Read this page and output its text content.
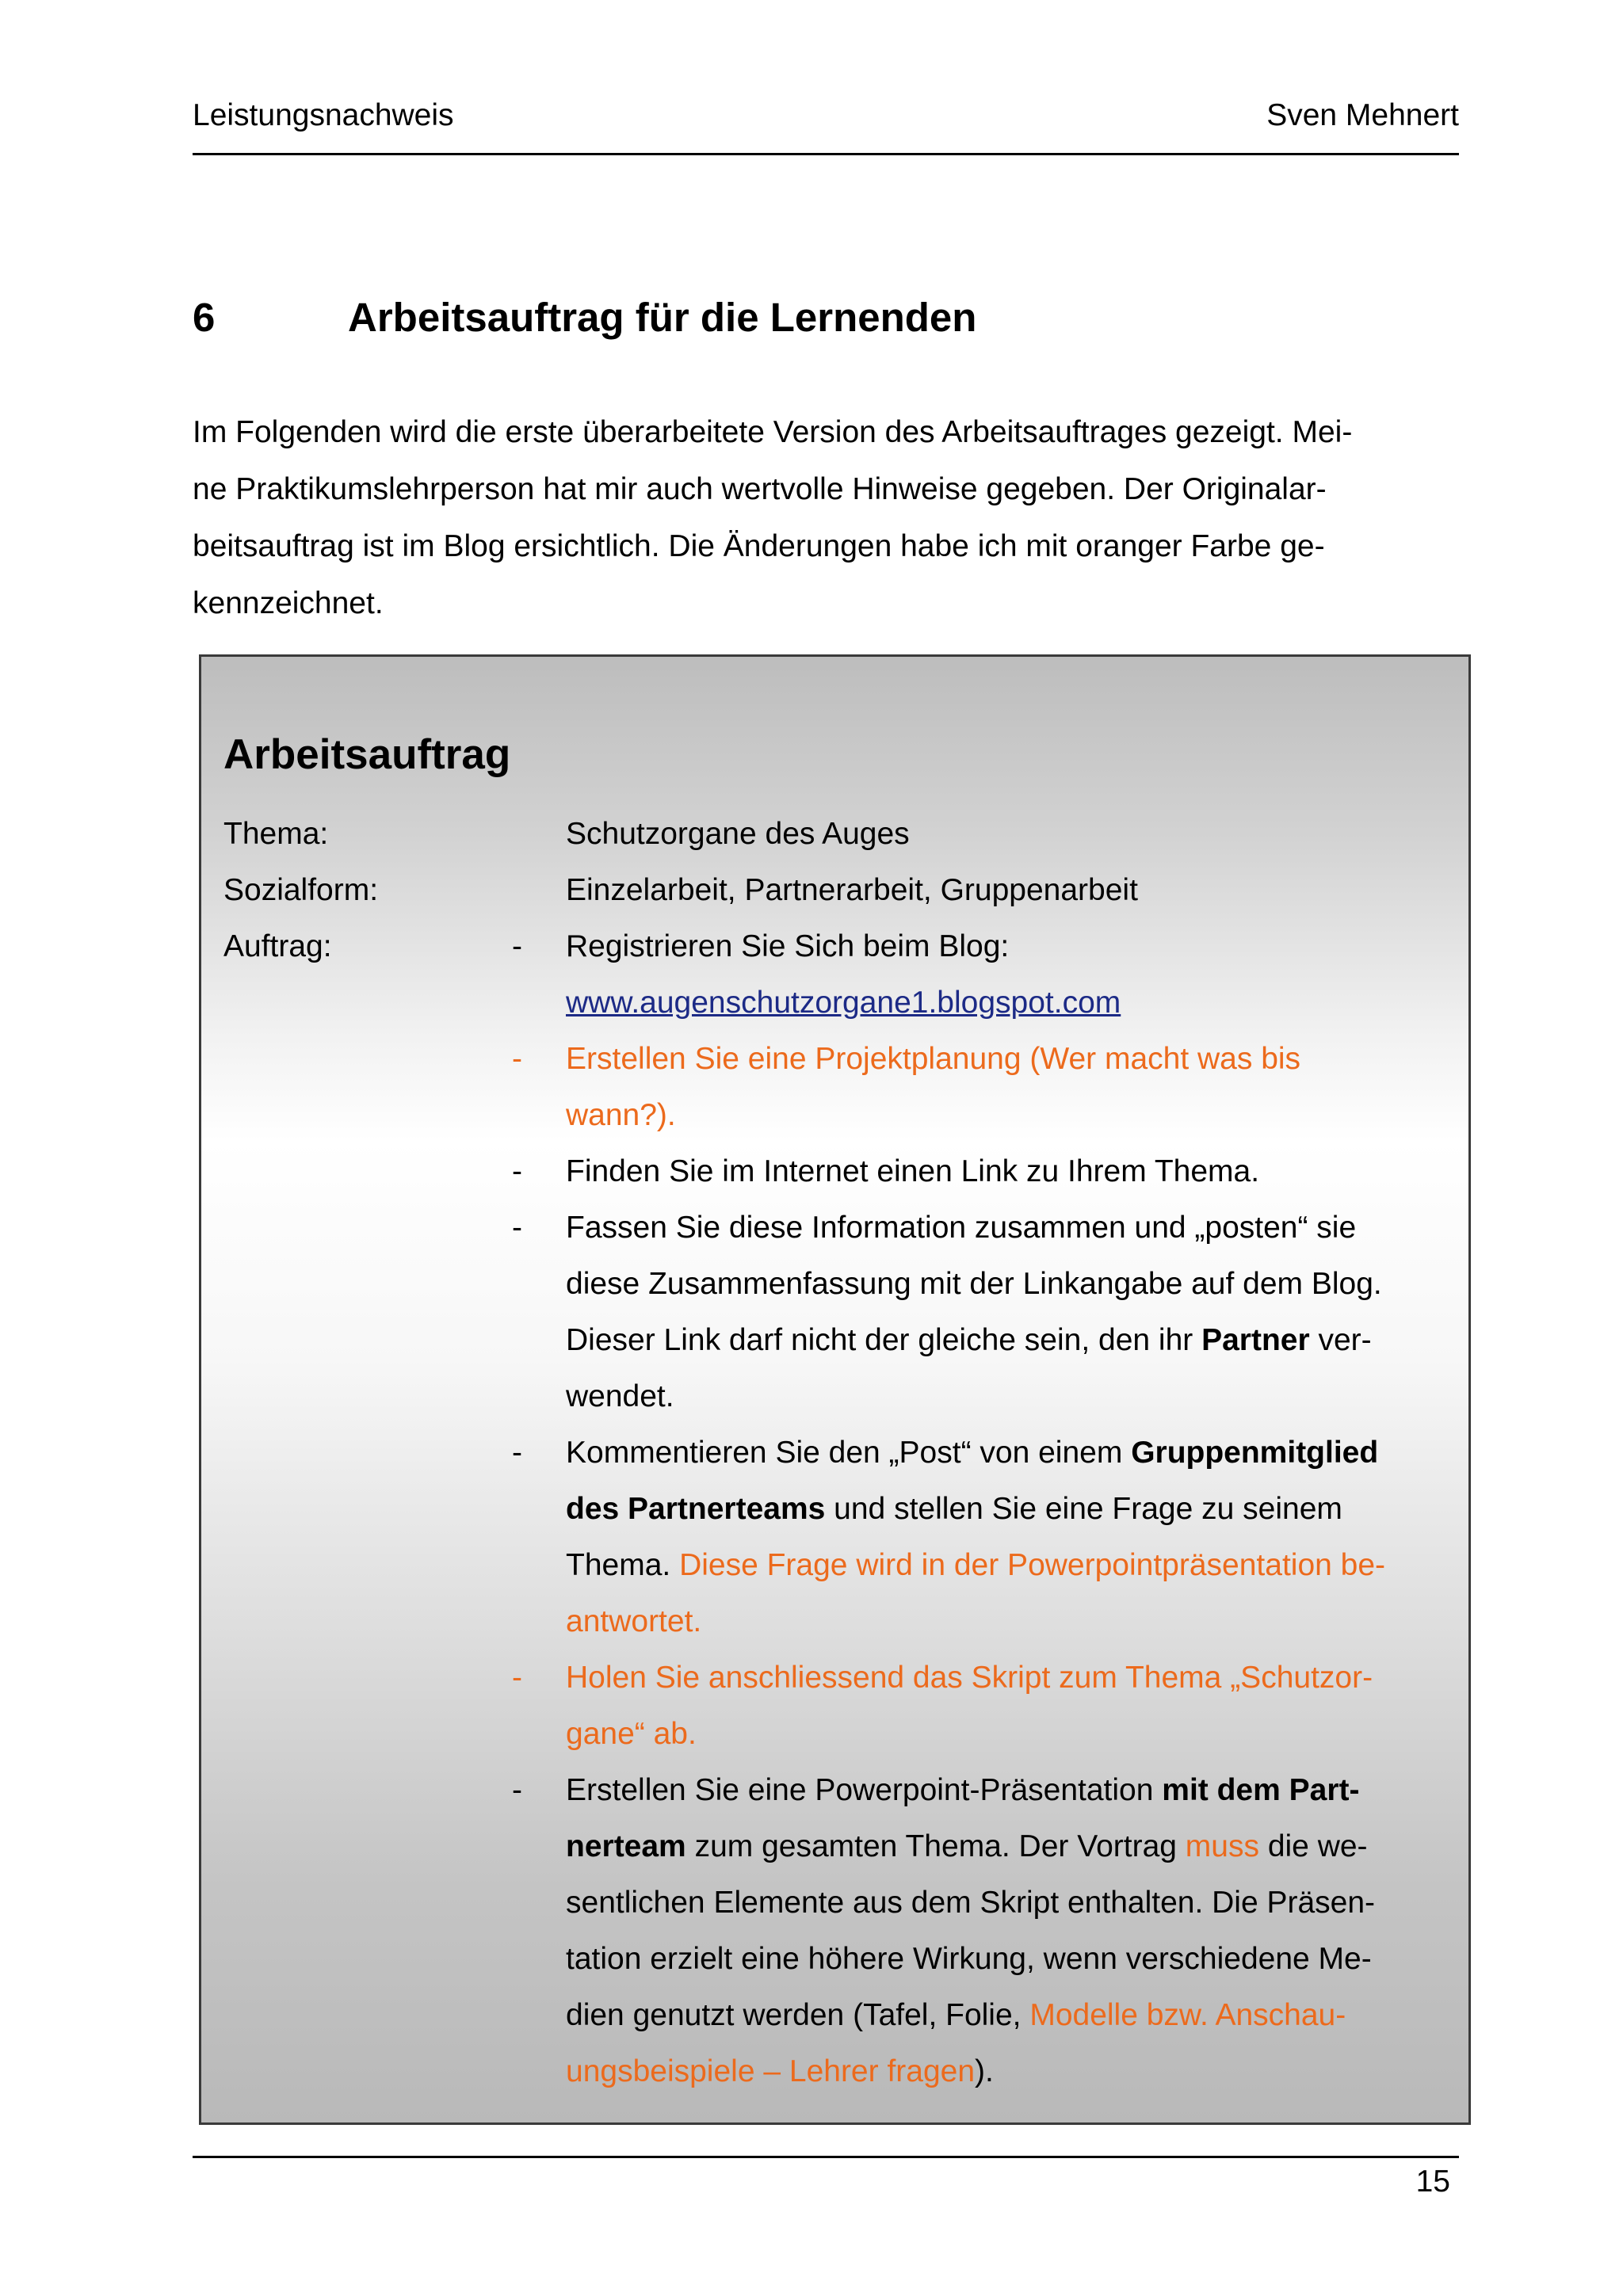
Leistungsnachweis	Sven Mehnert
6	Arbeitsauftrag für die Lernenden
Im Folgenden wird die erste überarbeitete Version des Arbeitsauftrages gezeigt. Mei-
ne Praktikumslehrperson hat mir auch wertvolle Hinweise gegeben. Der Originalar-
beitsauftrag ist im Blog ersichtlich. Die Änderungen habe ich mit oranger Farbe ge-
kennzeichnet.
Arbeitsauftrag
Thema:	Schutzorgane des Auges
Sozialform:	Einzelarbeit, Partnerarbeit, Gruppenarbeit
Auftrag:	- Registrieren Sie Sich beim Blog:
www.augenschutzorgane1.blogspot.com
- Erstellen Sie eine Projektplanung (Wer macht was bis
wann?).
- Finden Sie im Internet einen Link zu Ihrem Thema.
- Fassen Sie diese Information zusammen und „posten“ sie
diese Zusammenfassung mit der Linkangabe auf dem Blog.
Dieser Link darf nicht der gleiche sein, den ihr Partner ver-
wendet.
- Kommentieren Sie den „Post“ von einem Gruppenmitglied
des Partnerteams und stellen Sie eine Frage zu seinem
Thema. Diese Frage wird in der Powerpointpräsentation be-
antwortet.
- Holen Sie anschliessend das Skript zum Thema „Schutzor-
gane“ ab.
- Erstellen Sie eine Powerpoint-Präsentation mit dem Part-
nerteam zum gesamten Thema. Der Vortrag muss die we-
sentlichen Elemente aus dem Skript enthalten. Die Präsen-
tation erzielt eine höhere Wirkung, wenn verschiedene Me-
dien genutzt werden (Tafel, Folie, Modelle bzw. Anschau-
ungsbeispiele – Lehrer fragen).
15
